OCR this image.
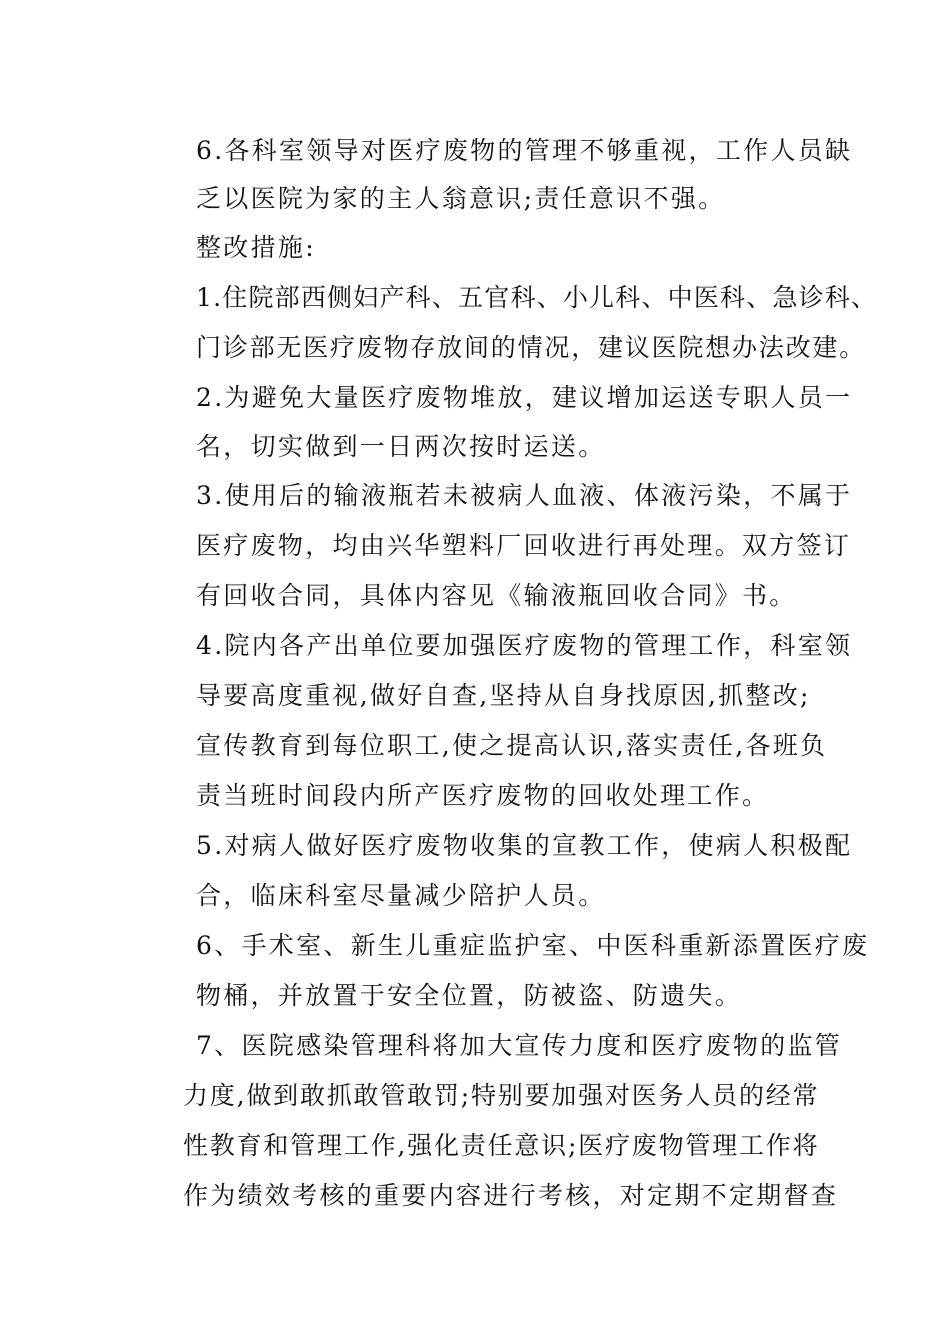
6.各科室领导对医疗废物的管理不够重视，工作人员缺
乏以医院为家的主人翁意识;责任意识不强。
整改措施:
1.住院部西侧妇产科、五官科、小儿科、中医科、急诊科、
门诊部无医疗废物存放间的情况，建议医院想办法改建。
2.为避免大量医疗废物堆放，建议增加运送专职人员一
名，切实做到一日两次按时运送。
3.使用后的输液瓶若未被病人血液、体液污染，不属于
医疗废物，均由兴华塑料厂回收进行再处理。双方签订
有回收合同，具体内容见《输液瓶回收合同》书。
4.院内各产出单位要加强医疗废物的管理工作，科室领
导要高度重视,做好自查,坚持从自身找原因,抓整改;
宣传教育到每位职工,使之提高认识,落实责任,各班负
责当班时间段内所产医疗废物的回收处理工作。
5.对病人做好医疗废物收集的宣教工作，使病人积极配
合，临床科室尽量减少陪护人员。
6、手术室、新生儿重症监护室、中医科重新添置医疗废
物桶，并放置于安全位置，防被盗、防遗失。
7、医院感染管理科将加大宣传力度和医疗废物的监管
力度,做到敢抓敢管敢罚;特别要加强对医务人员的经常
性教育和管理工作,强化责任意识;医疗废物管理工作将
作为绩效考核的重要内容进行考核，对定期不定期督查
